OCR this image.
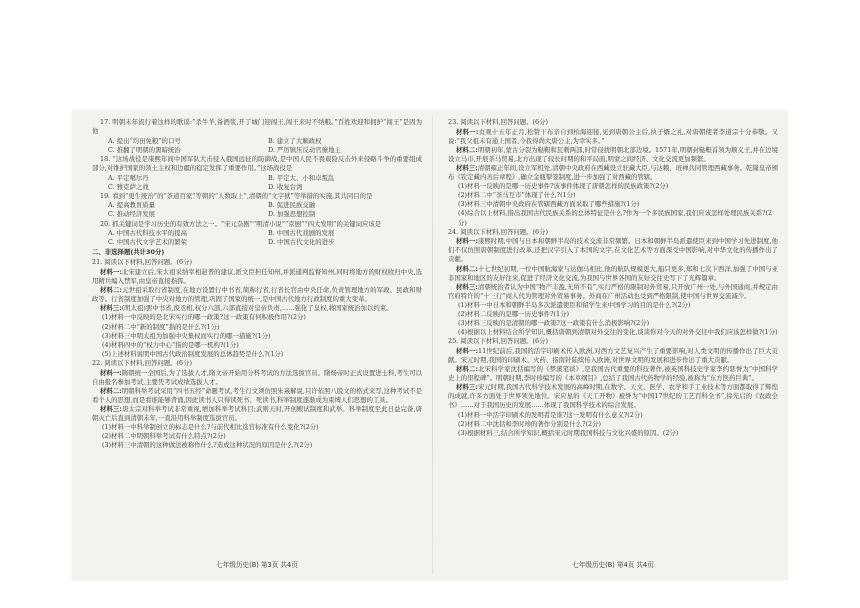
17. 明朝末年流行着这样的歌谣:“杀牛羊,备酒浆,开了城门迎闯王,闯王来时不纳粮。”百姓欢迎和拥护“闯王”是因为他

A. 提出“均田免粮”的口号	B. 建立了大顺政权
C. 推翻了明朝的黑暗统治	D. 严厉镇压反动官僚地主

18. “这场战役是康熙年间中国军队大击侵入俄国远征的防御战,是中国人民不畏艰险反击外来侵略斗争的重要组成部分,对维护国家的领土主权和边疆的稳定发挥了重要作用。”这场战役是

A. 平定噶尔丹	B. 平定大、小和卓叛乱
C. 雅克萨之战	D. 收复台湾

19. 看到“更生统治”的“茶道百家”等朝的“人数取上”,清朝的“文字狱”等举措的实施,其共同目的是

A. 提高教育质量	B. 促进民族交融
C. 推动经济发展	D. 加强思想控制

20. 抓关键词是学习历史的有效方法之一。“宋元杂剧”“明清小说”“京剧”“四大发明”的关键词应该是

A. 中国古代科技水平的提高	B. 中国古代戏剧的发展
C. 中国古代文学艺术的繁荣	D. 中国古代文化的进步
二、非选择题(共计30分)

21. 阅读以下材料,回答问题。(6分)

材料一:北宋建立后,宋太祖采纳宰相赵普的建议,派文臣担任知州,并派通判监督知州,同时将地方的财权收归中央,选用精兵编入禁军,由皇帝直接指挥。

材料二:元世祖采取行省制度,在地方设置行中书省,简称行省,行省长官由中央任命,负责管理地方的军政、民政和财政等。行省制度加强了中央对地方的管理,巩固了国家的统一,是中国古代地方行政制度的重大变革。

材料三:(明太祖)罢中书省,废丞相,权分六部,六部直接对皇帝负责,……强化了皇权,将国家统治加以约束。

(1)材料一中反映的是北宋实行的哪一政策?这一政策有何积极作用?(2分)

(2)材料二中“新的制度”指的是什么?(1分)

(3)材料三中明太祖为加强中央集权而实行的哪一措施?(1分)

(4)材料四中的“权力中心”指的是哪一机构?(1分)

(5)上述材料说明中国古代政治制度发展的总体趋势是什么?(1分)

22. 阅读以下材料,回答问题。(6分)

材料一:隋朝统一全国后,为了选拔人才,隋文帝开始用分科考试的方法选拔官员。隋炀帝时正式设置进士科,考生可以自由报名参加考试,主要凭考试成绩选拔人才。

材料二:明朝科举考试采用“四书五经”命题考试,考生行文须仿照朱熹解说,只许依照八股文的格式来写,这种考试不是看个人的思想,而是看谁能够背诵,因此读书人只得读死书、死读书,科举制度逐渐成为束缚人们思想的工具。

材料三:唐太宗对科举考试非常重视,增加科举考试科目;武则天时,开创殿试制度和武举。科举制度至此日益完备,唐朝灭亡后直到清朝末年,一直沿用科举制度选拔官员。

(1)材料一中科举制创立的标志是什么?与前代相比选官标准有什么变化?(2分)

(2)材料二中明朝科举考试有什么特点?(2分)

(3)材料三中清朝的这种做法被称作什么?造成这种状况的原因是什么?(2分)

七年级历史(B) 第3页 共4页

23. 阅读以下材料,回答问题。(6分)

材料一:贞观十五年正月,松赞干布亲自到柏海迎接,见到唐朝公主后,执子婿之礼,对唐朝使者李道宗十分恭敬。又说:“我父祖未有通上国者,今我得尚大唐公主,为幸实多。”

材料二:明朝初年,蒙古分裂为鞑靼和瓦剌两部,时常侵扰明朝北部边境。1571年,明朝封鞑靼首领为顺义王,并在边境设立马市,开展茶马贸易,北方出现了较长时期的和平局面,明蒙之间经济、文化交流更加频繁。

材料三:清朝雍正年间,设立军机处,清朝中央政府在西藏设立驻藏大臣,与达赖、班禅共同管理西藏事务。乾隆皇帝颁布《钦定藏内善后章程》,确立金瓶掣签制度,进一步加强了对西藏的管辖。

(1)材料一反映的是哪一历史事件?该事件体现了唐朝怎样的民族政策?(2分)

(2)材料二中“茶马互市”体现了什么?(1分)

(3)材料三中清朝中央政府在管辖西藏方面采取了哪些措施?(1分)

(4)综合以上材料,指出我国古代民族关系的总体特征是什么?作为一个多民族国家,我们应该怎样处理民族关系?(2分)

24. 阅读以下材料,回答问题。(6分)

材料一:康熙时期,中国与日本和朝鲜半岛的技术交流非常频繁。日本和朝鲜半岛派遣使臣来到中国学习先进制度,他们不仅仿照唐朝制度进行改革,还把汉字引入了本国的文字,在文化艺术等方面深受中国影响,对中华文化的传播作出了贡献。

材料二:十七世纪初期,一位中国航海家与达伽马相比,他的航队规模更大,船只更多,郑和七次下西洋,加强了中国与亚非国家和地区的友好往来,促进了经济文化交流,为我国与世界各国的友好交往史写下了光辉篇章。

材料三:清朝统治者认为中国“物产丰盈,无所不有”,实行严格的限制对外贸易,只开放广州一处,与外国通商,并规定由官府特许的“十三行”商人代为管理对外贸易事务。外商在广州活动也受到严格限制,使中国与世界交流减少。

(1)材料一中日本和朝鲜半岛多次派遣使臣和留学生来中国学习的目的是什么?(2分)

(2)材料二反映的是哪一历史事件?(1分)

(3)材料三反映的是清朝的哪一政策?这一政策有什么消极影响?(2分)

(4)根据以上材料结合所学知识,概括唐朝到清朝对外交往的变化,谈谈你对今天的对外交往中我们应该怎样做?(1分)

25. 阅读以下材料,回答问题。(6分)

材料一:11世纪前后,我国的活字印刷术传入欧洲,对西方文艺复兴产生了重要影响,对人类文明的传播作出了巨大贡献。宋元时期,我国的印刷术、火药、指南针陆续传入欧洲,对世界文明的发展和进步作出了重大贡献。

材料二:北宋科学家沈括编写的《梦溪笔谈》,是我国古代重要的科技著作,被英国科技史学家李约瑟誉为“中国科学史上的里程碑”。明朝时期,李时珍编写的《本草纲目》,总结了我国古代药物学的经验,被称为“东方医药巨典”。

材料三:宋元时期,我国古代科学技术发展的高峰时期,在数学、天文、医学、农学和手工业技术等方面都取得了辉煌的成就,许多方面处于世界领先地位。宋应星的《天工开物》被誉为“中国17世纪的工艺百科全书”,徐光启的《农政全书》……对于我国历史的发展……体现了我国科学技术的综合发展。

(1)材料一中活字印刷术的发明者是谁?这一发明有什么意义?(2分)

(2)材料二中沈括和李时珍的著作分别是什么?(2分)

(3)根据材料三,结合所学知识,概括宋元时期我国科技与文化兴盛的原因。(2分)

七年级历史(B) 第4页 共4页
